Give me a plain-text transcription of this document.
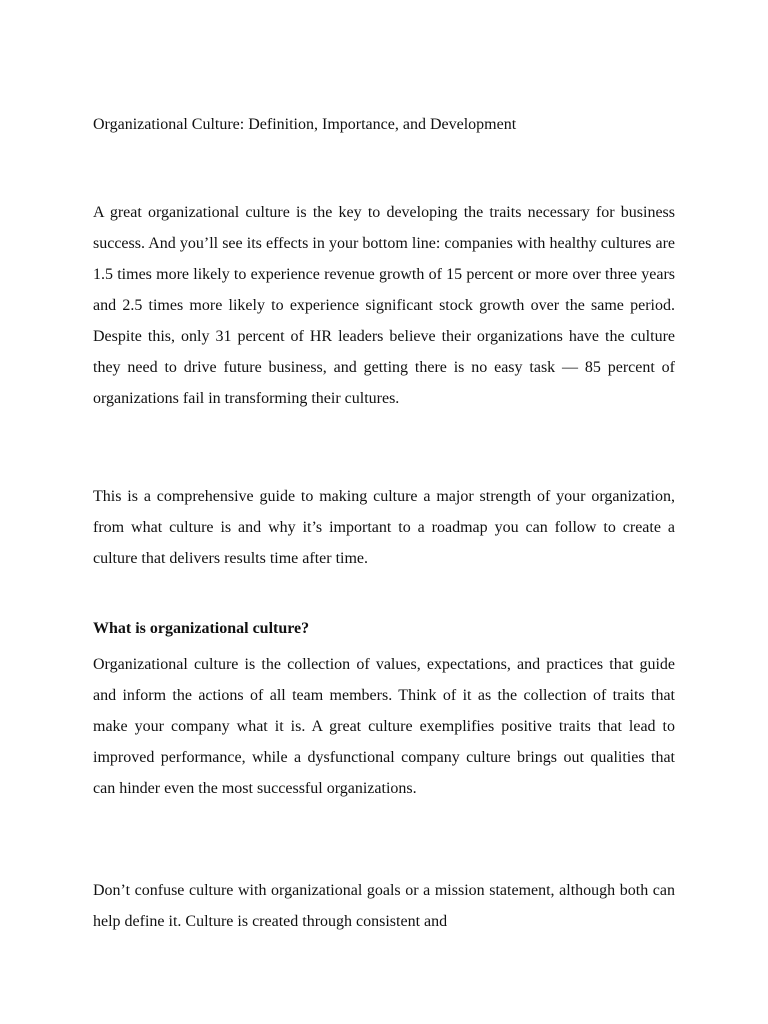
Organizational Culture: Definition, Importance, and Development

A great organizational culture is the key to developing the traits necessary for business success. And you’ll see its effects in your bottom line: companies with healthy cultures are 1.5 times more likely to experience revenue growth of 15 percent or more over three years and 2.5 times more likely to experience significant stock growth over the same period. Despite this, only 31 percent of HR leaders believe their organizations have the culture they need to drive future business, and getting there is no easy task — 85 percent of organizations fail in transforming their cultures.

This is a comprehensive guide to making culture a major strength of your organization, from what culture is and why it’s important to a roadmap you can follow to create a culture that delivers results time after time.

What is organizational culture?

Organizational culture is the collection of values, expectations, and practices that guide and inform the actions of all team members. Think of it as the collection of traits that make your company what it is. A great culture exemplifies positive traits that lead to improved performance, while a dysfunctional company culture brings out qualities that can hinder even the most successful organizations.

Don’t confuse culture with organizational goals or a mission statement, although both can help define it. Culture is created through consistent and
